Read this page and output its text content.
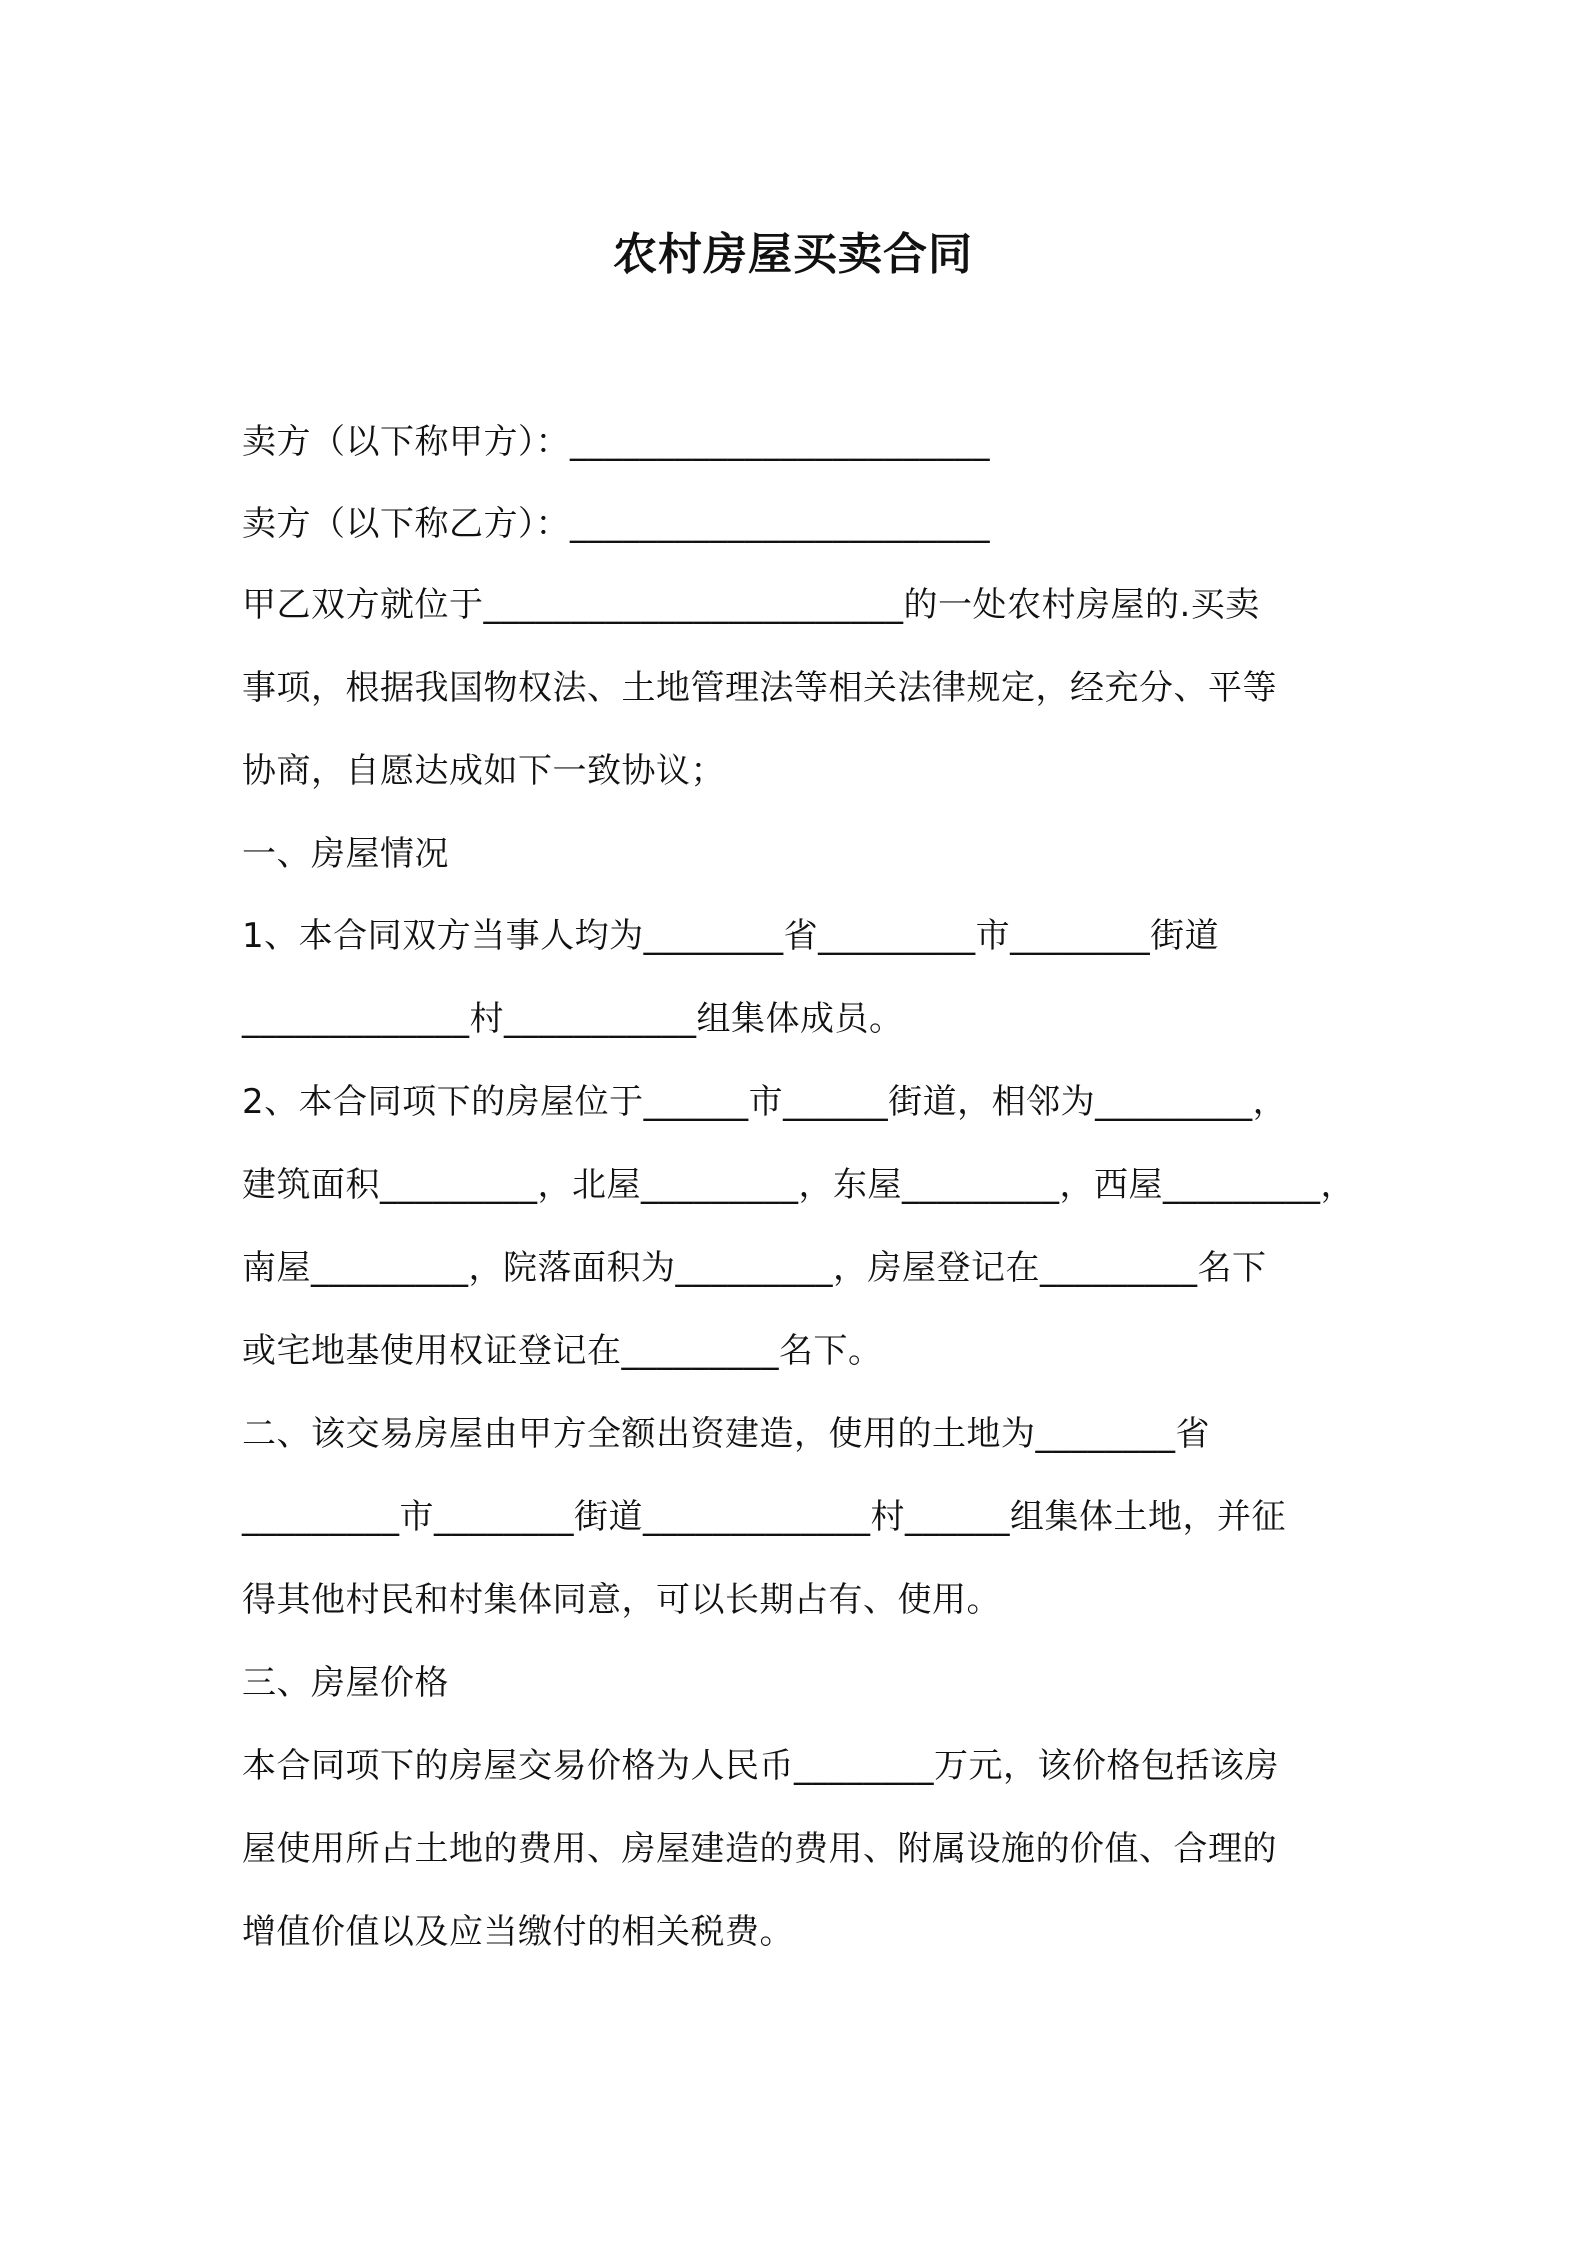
农村房屋买卖合同
卖方（以下称甲方）：________________________
卖方（以下称乙方）：________________________
甲乙双方就位于________________________的一处农村房屋的.买卖
事项，根据我国物权法、土地管理法等相关法律规定，经充分、平等
协商，自愿达成如下一致协议；
一、房屋情况
1、本合同双方当事人均为________省_________市________街道
_____________村___________组集体成员。
2、本合同项下的房屋位于______市______街道，相邻为_________，
建筑面积_________，北屋_________，东屋_________，西屋_________，
南屋_________，院落面积为_________，房屋登记在_________名下
或宅地基使用权证登记在_________名下。
二、该交易房屋由甲方全额出资建造，使用的土地为________省
_________市________街道_____________村______组集体土地，并征
得其他村民和村集体同意，可以长期占有、使用。
三、房屋价格
本合同项下的房屋交易价格为人民币________万元，该价格包括该房
屋使用所占土地的费用、房屋建造的费用、附属设施的价值、合理的
增值价值以及应当缴付的相关税费。
